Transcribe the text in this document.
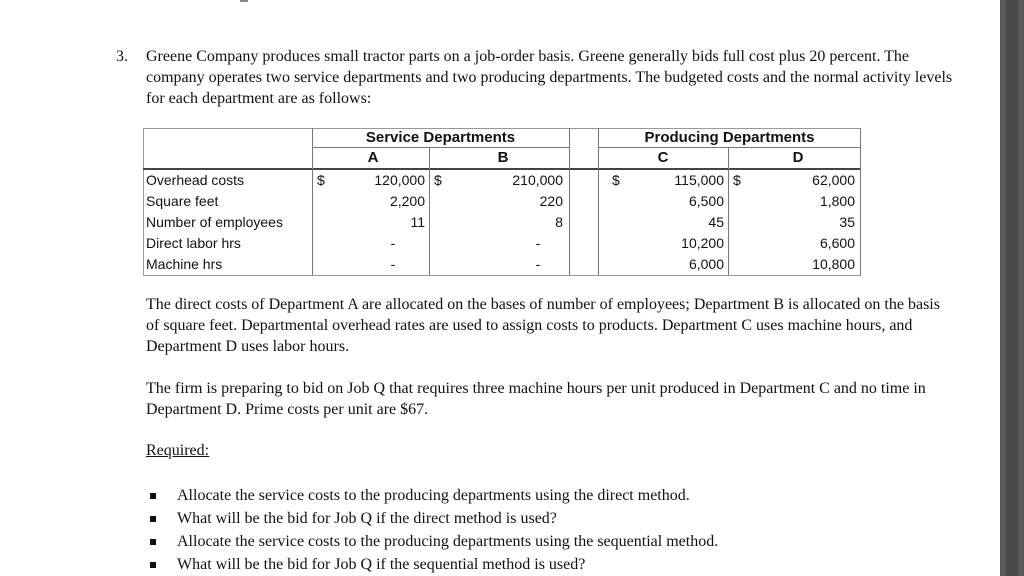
3. Greene Company produces small tractor parts on a job-order basis. Greene generally bids full cost plus 20 percent. The company operates two service departments and two producing departments. The budgeted costs and the normal activity levels for each department are as follows:
Service Departments	Producing Departments
A	B	C	D
Overhead costs	$	120,000 $	210,000	$	115,000 $	62,000
Square feet	2,200	220	6,500	1,800
Number of employees	11	8	45	35
Direct labor hrs	-	-	10,200	6,600
Machine hrs	-	-	6,000	10,800
The direct costs of Department A are allocated on the bases of number of employees; Department B is allocated on the basis of square feet. Departmental overhead rates are used to assign costs to products. Department C uses machine hours, and Department D uses labor hours.
The firm is preparing to bid on Job Q that requires three machine hours per unit produced in Department C and no time in Department D. Prime costs per unit are $67.
Required:
Allocate the service costs to the producing departments using the direct method.
What will be the bid for Job Q if the direct method is used?
Allocate the service costs to the producing departments using the sequential method.
What will be the bid for Job Q if the sequential method is used?
